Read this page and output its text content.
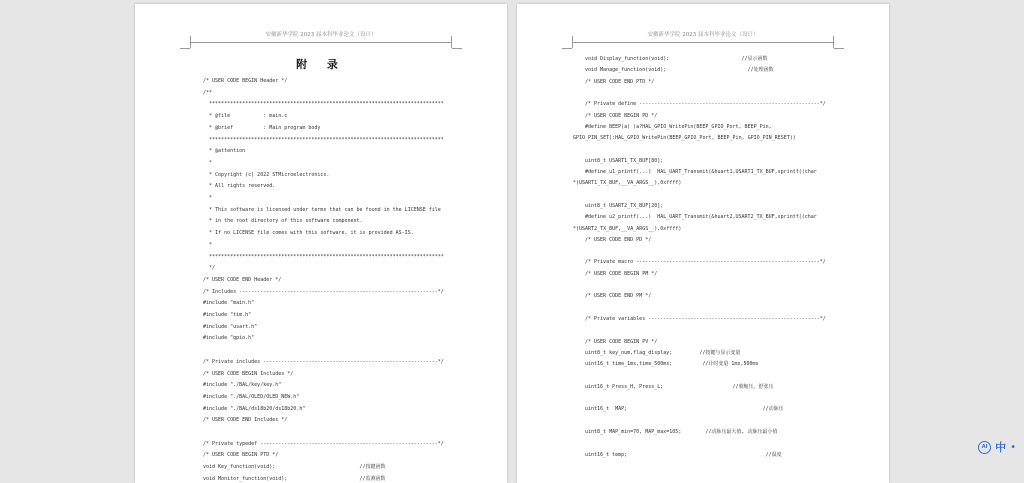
安徽新华学院 2023 届本科毕业论文（设计）
附 录
/* USER CODE BEGIN Header */
/**
******************************************************************************
* @file           : main.c
* @brief          : Main program body
******************************************************************************
* @attention
*
* Copyright (c) 2022 STMicroelectronics.
* All rights reserved.
*
* This software is licensed under terms that can be found in the LICENSE file
* in the root directory of this software component.
* If no LICENSE file comes with this software, it is provided AS-IS.
*
******************************************************************************
*/
/* USER CODE END Header */
/* Includes ------------------------------------------------------------------*/
#include "main.h"
#include "tim.h"
#include "usart.h"
#include "gpio.h"
/* Private includes ----------------------------------------------------------*/
/* USER CODE BEGIN Includes */
#include "./BAL/key/key.h"
#include "./BAL/OLED/OLED_NEW.h"
#include "./BAL/ds18b20/ds18b20.h"
/* USER CODE END Includes */
/* Private typedef -----------------------------------------------------------*/
/* USER CODE BEGIN PTD */
void Key_function(void);                            //按键函数
void Monitor_function(void);                        //监测函数
安徽新华学院 2023 届本科毕业论文（设计）
void Display_function(void);                        //显示函数
void Manage_function(void);                           //处理函数
/* USER CODE END PTD */
/* Private define ------------------------------------------------------------*/
/* USER CODE BEGIN PD */
#define BEEP(a) (a?HAL_GPIO_WritePin(BEEP_GPIO_Port, BEEP_Pin,
GPIO_PIN_SET):HAL_GPIO_WritePin(BEEP_GPIO_Port, BEEP_Pin, GPIO_PIN_RESET))
uint8_t USART1_TX_BUF[80];
#define u1_printf(...)  HAL_UART_Transmit(&huart1,USART1_TX_BUF,sprintf((char
*)USART1_TX_BUF,__VA_ARGS__),0xffff)
uint8_t USART2_TX_BUF[20];
#define u2_printf(...)  HAL_UART_Transmit(&huart2,USART2_TX_BUF,sprintf((char
*)USART2_TX_BUF,__VA_ARGS__),0xffff)
/* USER CODE END PD */
/* Private macro -------------------------------------------------------------*/
/* USER CODE BEGIN PM */
/* USER CODE END PM */
/* Private variables ---------------------------------------------------------*/
/* USER CODE BEGIN PV */
uint8_t key_num,flag_display;         //按键与显示变量
uint16_t time_1ms,time_500ms;          //计时变量 1ms,500ms
uint16_t Press_H, Press_L;                       //收缩压、舒张压
uint16_t  MAP;                                             //动脉压
uint8_t MAP_min=70, MAP_max=105;        //动脉压最大值, 动脉压最小值
uint16_t temp;                                              //温度
AI 中 •
